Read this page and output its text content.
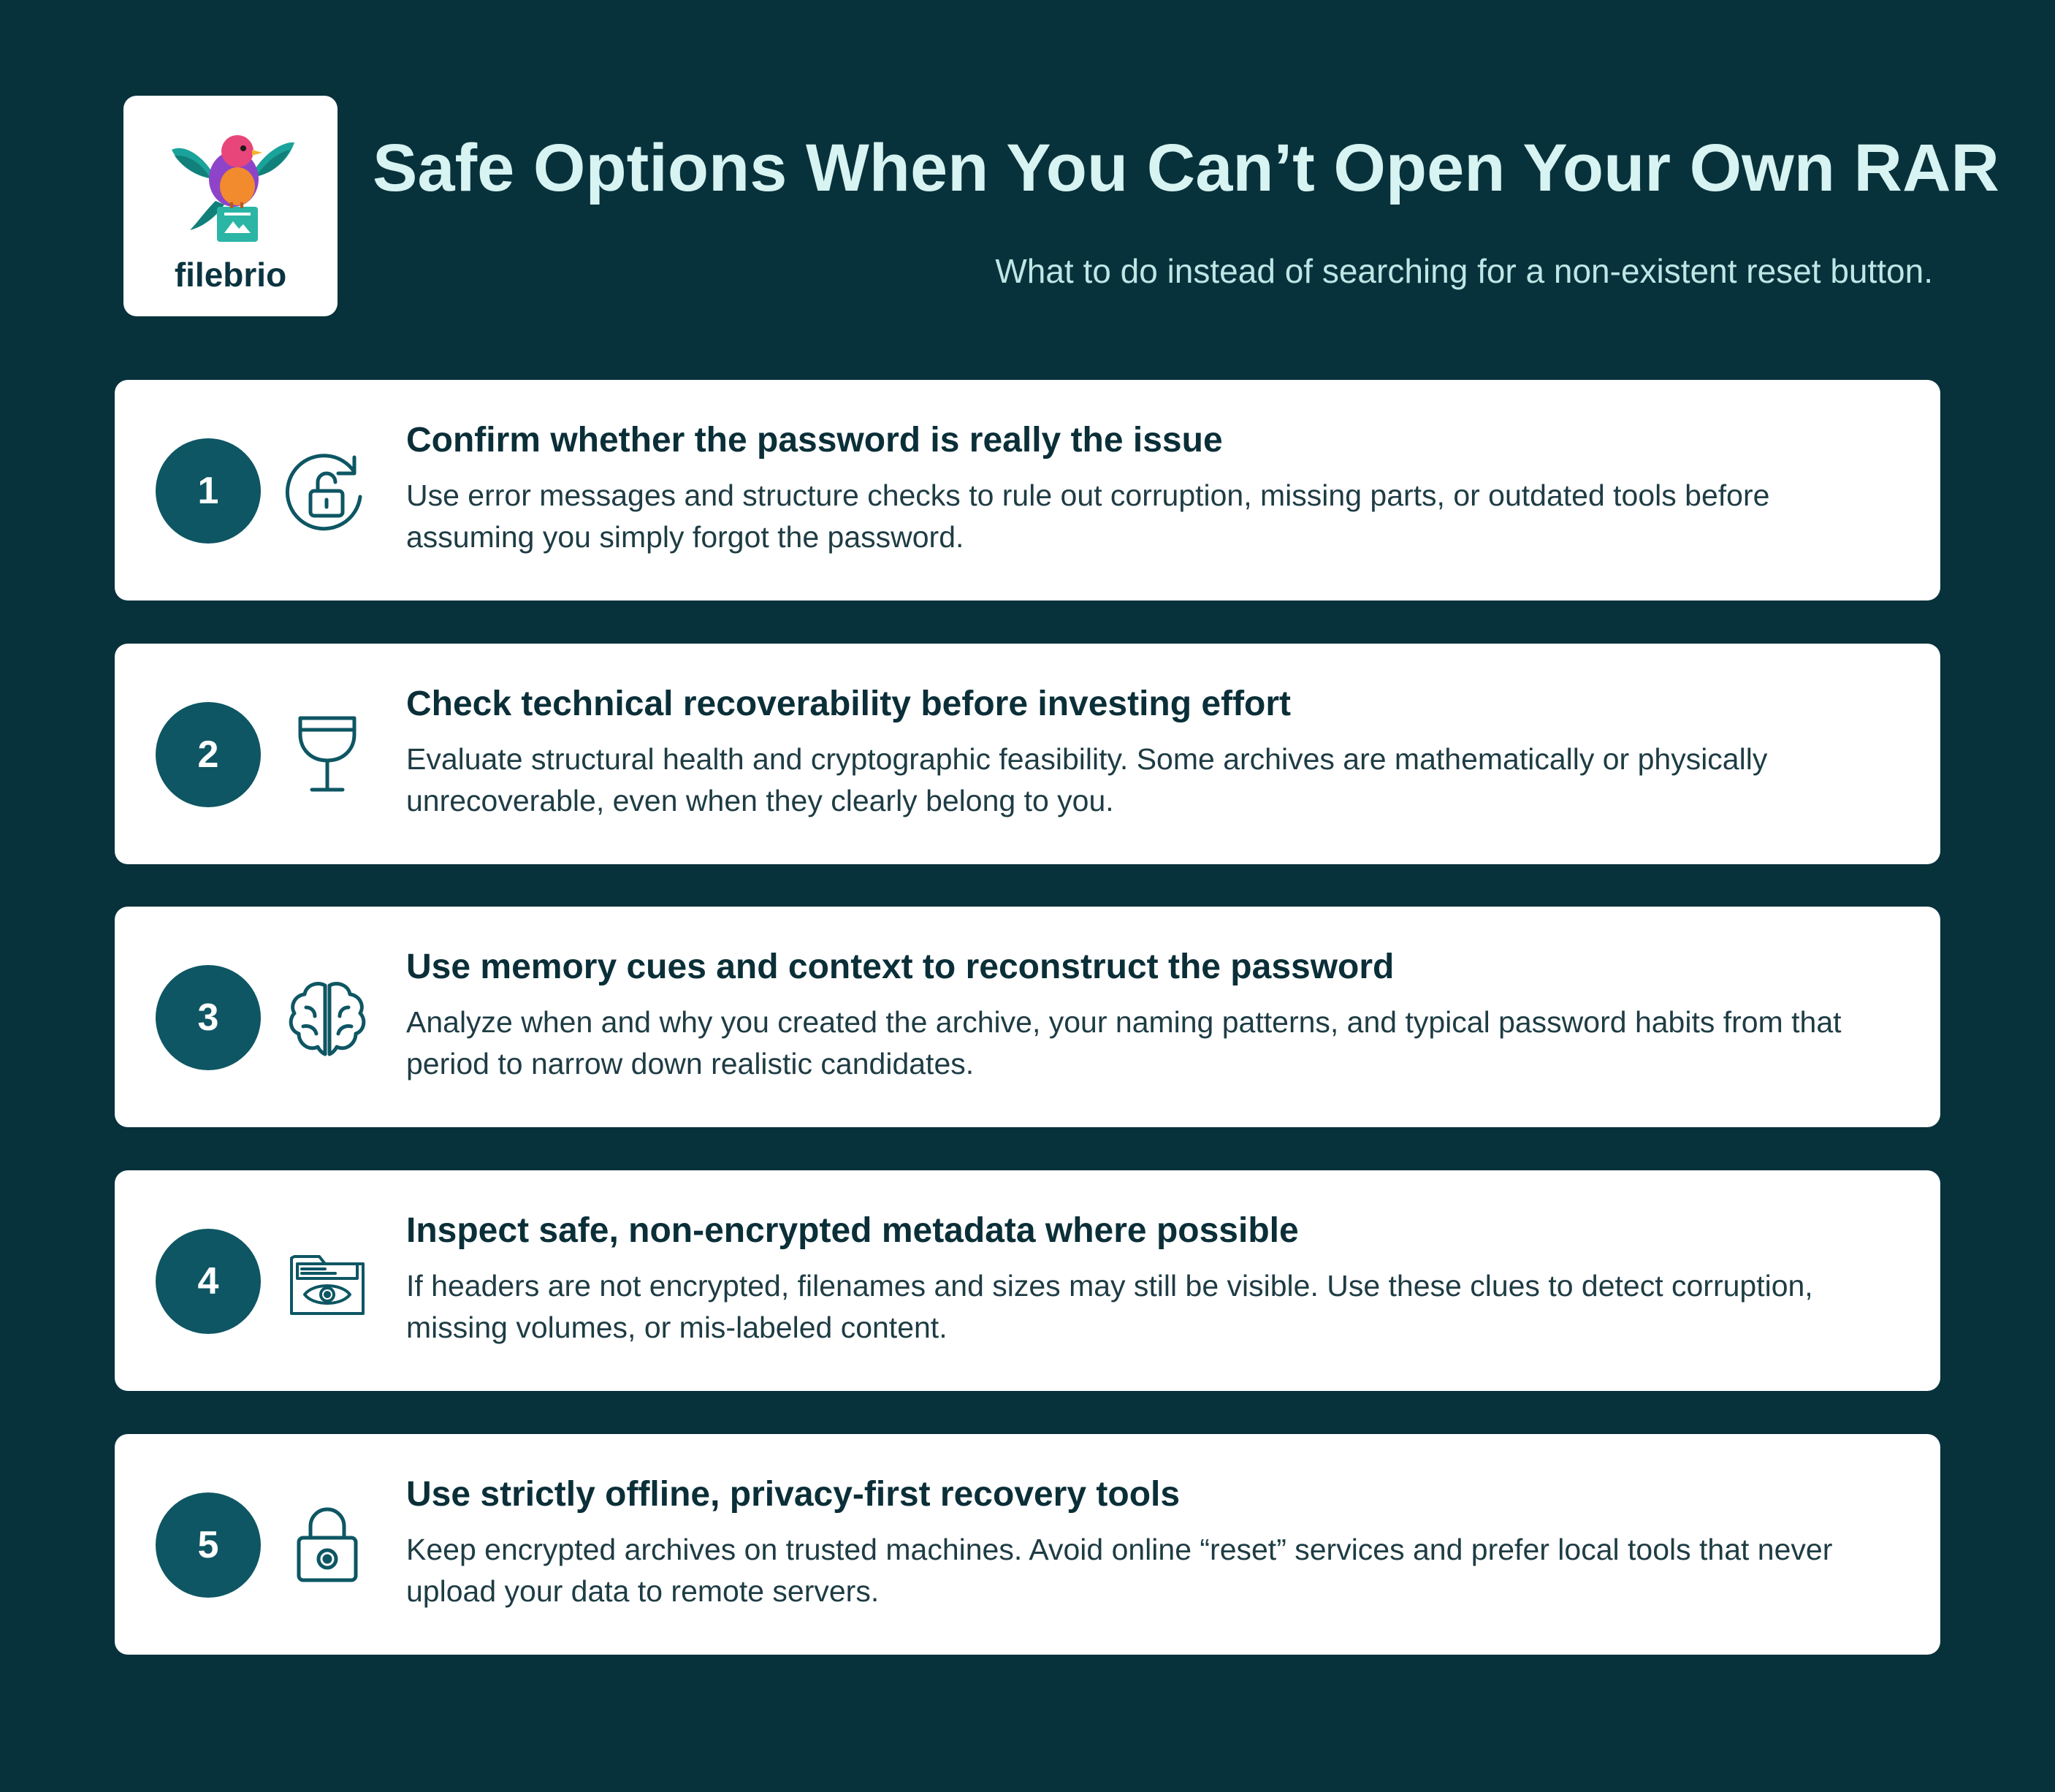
filebrio
Safe Options When You Can’t Open Your Own RAR
What to do instead of searching for a non-existent reset button.
1
Confirm whether the password is really the issue
Use error messages and structure checks to rule out corruption, missing parts, or outdated tools before assuming you simply forgot the password.
2
Check technical recoverability before investing effort
Evaluate structural health and cryptographic feasibility. Some archives are mathematically or physically unrecoverable, even when they clearly belong to you.
3
Use memory cues and context to reconstruct the password
Analyze when and why you created the archive, your naming patterns, and typical password habits from that period to narrow down realistic candidates.
4
Inspect safe, non-encrypted metadata where possible
If headers are not encrypted, filenames and sizes may still be visible. Use these clues to detect corruption, missing volumes, or mis-labeled content.
5
Use strictly offline, privacy-first recovery tools
Keep encrypted archives on trusted machines. Avoid online “reset” services and prefer local tools that never upload your data to remote servers.
